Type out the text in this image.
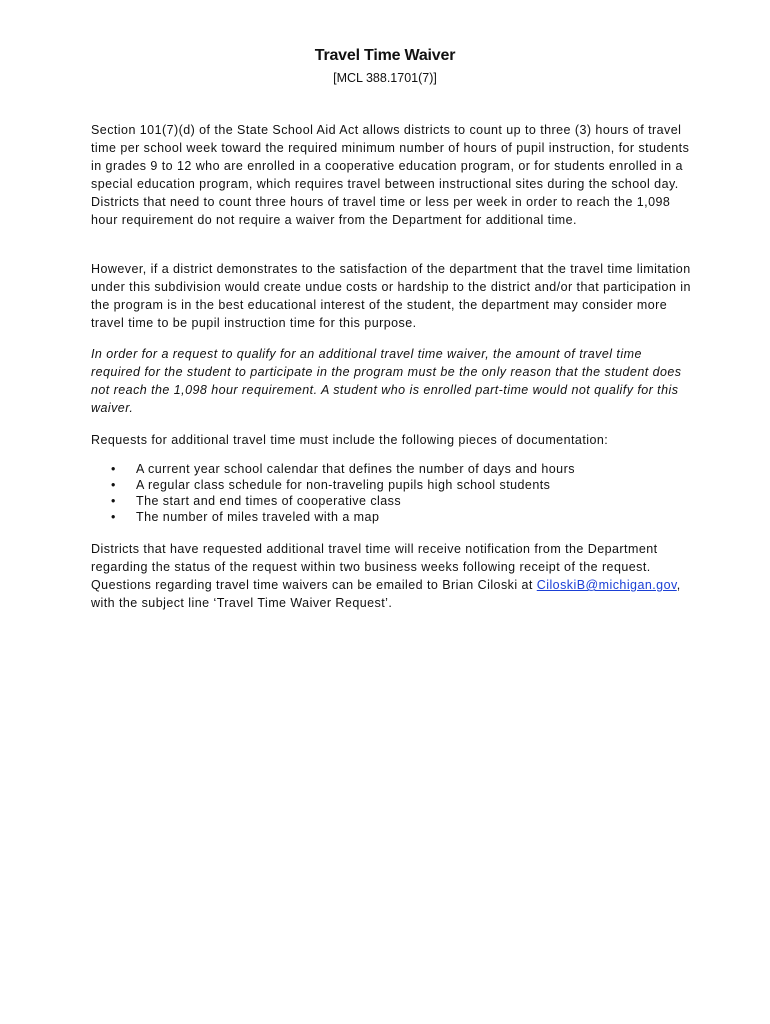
Travel Time Waiver
[MCL 388.1701(7)]

Section 101(7)(d) of the State School Aid Act allows districts to count up to three (3) hours of travel time per school week toward the required minimum number of hours of pupil instruction, for students in grades 9 to 12 who are enrolled in a cooperative education program, or for students enrolled in a special education program, which requires travel between instructional sites during the school day. Districts that need to count three hours of travel time or less per week in order to reach the 1,098 hour requirement do not require a waiver from the Department for additional time.

However, if a district demonstrates to the satisfaction of the department that the travel time limitation under this subdivision would create undue costs or hardship to the district and/or that participation in the program is in the best educational interest of the student, the department may consider more travel time to be pupil instruction time for this purpose.

In order for a request to qualify for an additional travel time waiver, the amount of travel time required for the student to participate in the program must be the only reason that the student does not reach the 1,098 hour requirement. A student who is enrolled part-time would not qualify for this waiver.

Requests for additional travel time must include the following pieces of documentation:

• A current year school calendar that defines the number of days and hours
• A regular class schedule for non-traveling pupils high school students
• The start and end times of cooperative class
• The number of miles traveled with a map

Districts that have requested additional travel time will receive notification from the Department regarding the status of the request within two business weeks following receipt of the request. Questions regarding travel time waivers can be emailed to Brian Ciloski at CiloskiB@michigan.gov, with the subject line ‘Travel Time Waiver Request’.
